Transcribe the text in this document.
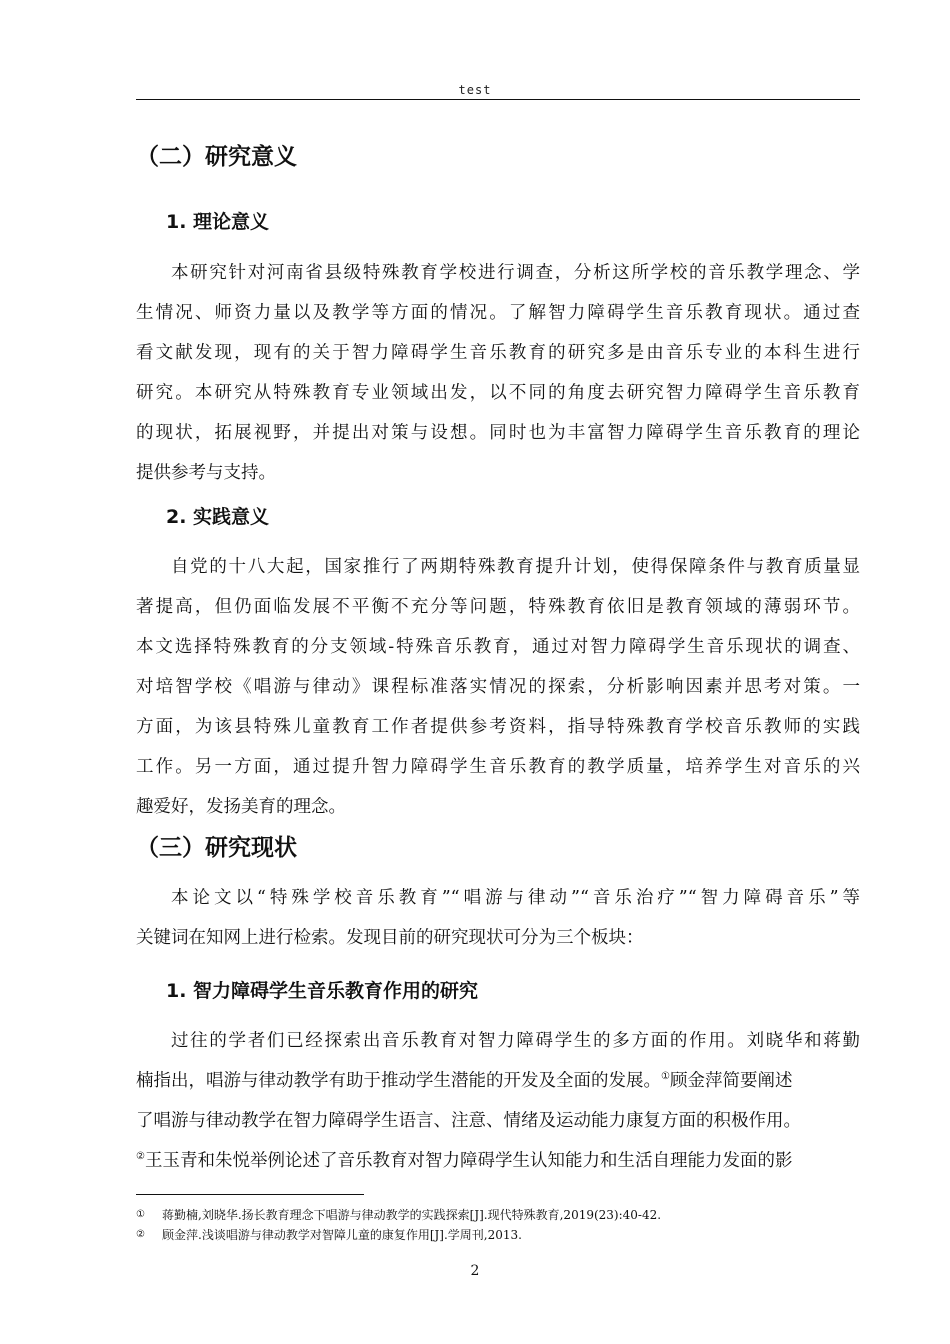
test
（二）研究意义
1. 理论意义
本研究针对河南省县级特殊教育学校进行调查，分析这所学校的音乐教学理念、学
生情况、师资力量以及教学等方面的情况。了解智力障碍学生音乐教育现状。通过查
看文献发现，现有的关于智力障碍学生音乐教育的研究多是由音乐专业的本科生进行
研究。本研究从特殊教育专业领域出发，以不同的角度去研究智力障碍学生音乐教育
的现状，拓展视野，并提出对策与设想。同时也为丰富智力障碍学生音乐教育的理论
提供参考与支持。
2. 实践意义
自党的十八大起，国家推行了两期特殊教育提升计划，使得保障条件与教育质量显
著提高，但仍面临发展不平衡不充分等问题，特殊教育依旧是教育领域的薄弱环节。
本文选择特殊教育的分支领域-特殊音乐教育，通过对智力障碍学生音乐现状的调查、
对培智学校《唱游与律动》课程标准落实情况的探索，分析影响因素并思考对策。一
方面，为该县特殊儿童教育工作者提供参考资料，指导特殊教育学校音乐教师的实践
工作。另一方面，通过提升智力障碍学生音乐教育的教学质量，培养学生对音乐的兴
趣爱好，发扬美育的理念。
（三）研究现状
本论文以“特殊学校音乐教育”“唱游与律动”“音乐治疗”“智力障碍音乐”等
关键词在知网上进行检索。发现目前的研究现状可分为三个板块：
1. 智力障碍学生音乐教育作用的研究
过往的学者们已经探索出音乐教育对智力障碍学生的多方面的作用。刘晓华和蒋勤
楠指出，唱游与律动教学有助于推动学生潜能的开发及全面的发展。①顾金萍简要阐述
了唱游与律动教学在智力障碍学生语言、注意、情绪及运动能力康复方面的积极作用。
②王玉青和朱悦举例论述了音乐教育对智力障碍学生认知能力和生活自理能力发面的影
① 蒋勤楠,刘晓华.扬长教育理念下唱游与律动教学的实践探索[J].现代特殊教育,2019(23):40-42.
② 顾金萍.浅谈唱游与律动教学对智障儿童的康复作用[J].学周刊,2013.
2
